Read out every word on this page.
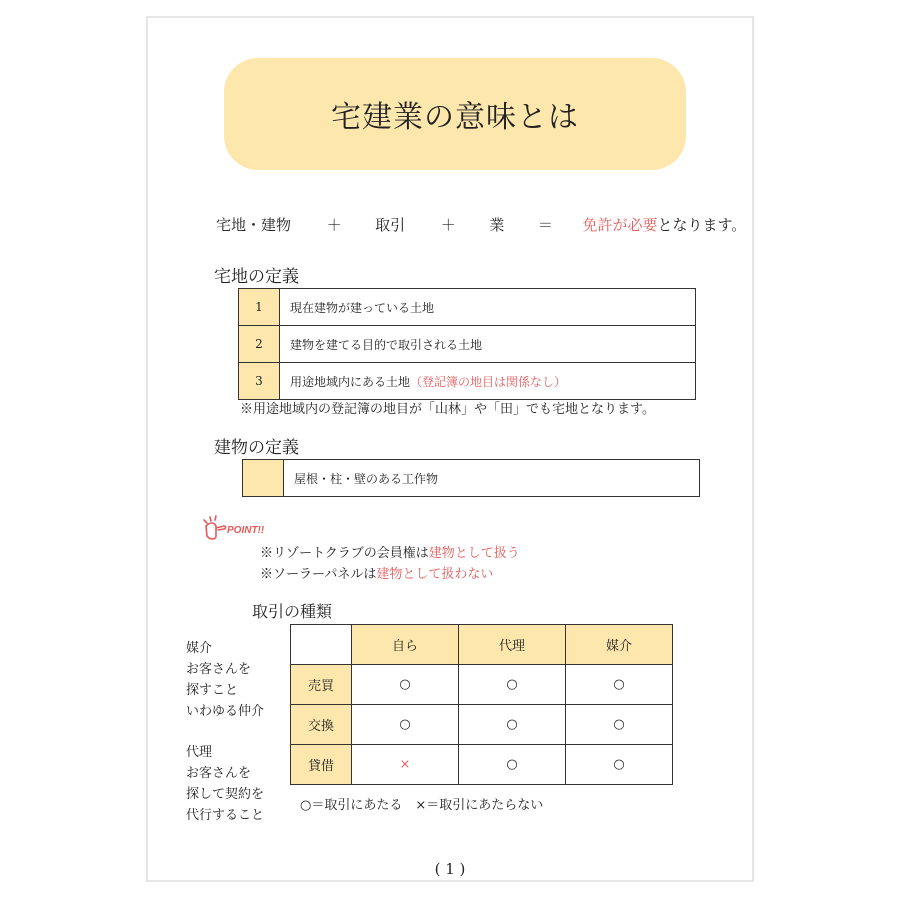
宅建業の意味とは
宅地・建物 ＋ 取引 ＋ 業 ＝ 免許が必要となります。
宅地の定義
1	現在建物が建っている土地
2	建物を建てる目的で取引される土地
3	用途地域内にある土地（登記簿の地目は関係なし）
※用途地域内の登記簿の地目が「山林」や「田」でも宅地となります。
建物の定義
	屋根・柱・壁のある工作物
POINT!!
※リゾートクラブの会員権は建物として扱う
※ソーラーパネルは建物として扱わない
取引の種類
媒介
お客さんを
探すこと
いわゆる仲介
代理
お客さんを
探して契約を
代行すること
	自ら	代理	媒介
売買	○	○	○
交換	○	○	○
貸借	×	○	○
○＝取引にあたる　×＝取引にあたらない
( 1 )
